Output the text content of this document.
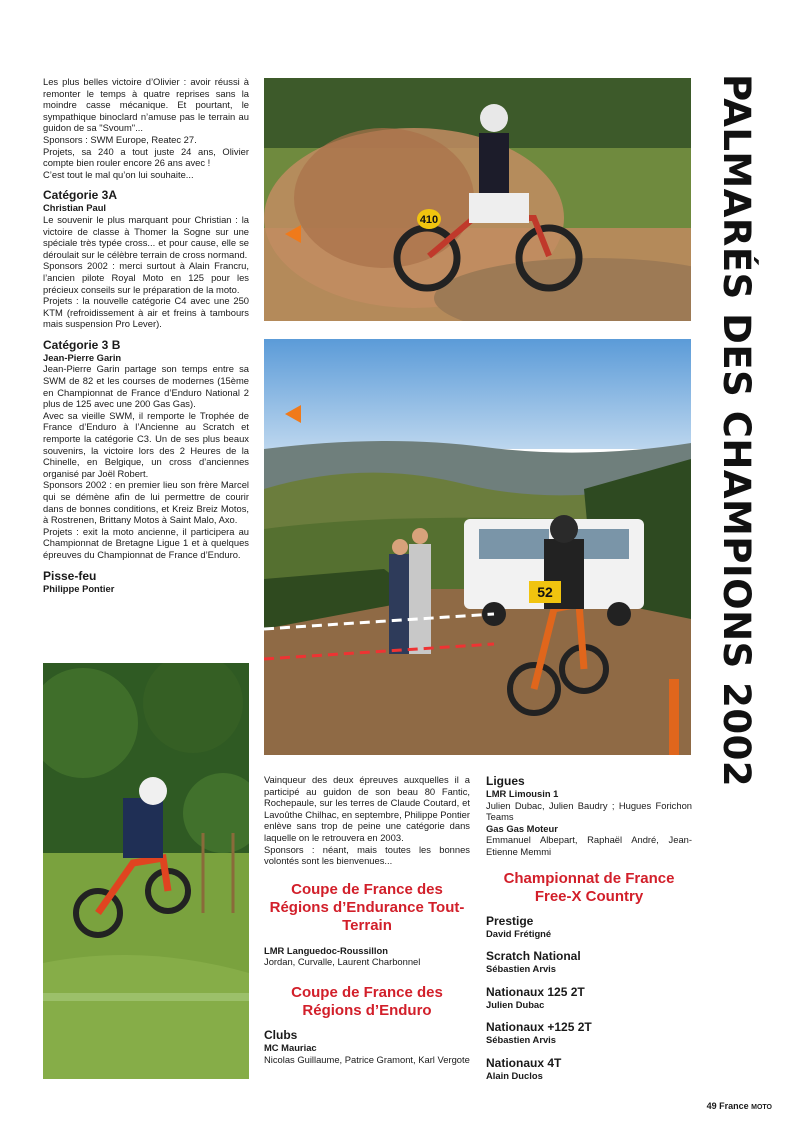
Les plus belles victoire d’Olivier : avoir réussi à remonter le temps à quatre reprises sans la moindre casse mécanique. Et pourtant, le sympathique binoclard n’amuse pas le terrain au guidon de sa "Svoum"...

Sponsors : SWM Europe, Reatec 27.

Projets, sa 240 a tout juste 24 ans, Olivier compte bien rouler encore 26 ans avec !

C’est tout le mal qu’on lui souhaite...

Catégorie 3A
Christian Paul

Le souvenir le plus marquant pour Christian : la victoire de classe à Thomer la Sogne sur une spéciale très typée cross... et pour cause, elle se déroulait sur le célèbre terrain de cross normand.

Sponsors 2002 : merci surtout à Alain Francru, l’ancien pilote Royal Moto en 125 pour les précieux conseils sur le préparation de la moto.

Projets : la nouvelle catégorie C4 avec une 250 KTM (refroidissement à air et freins à tambours mais suspension Pro Lever).

Catégorie 3 B
Jean-Pierre Garin

Jean-Pierre Garin partage son temps entre sa SWM de 82 et les courses de modernes (15ème en Championnat de France d’Enduro National 2 plus de 125 avec une 200 Gas Gas).

Avec sa vieille SWM, il remporte le Trophée de France d’Enduro à l’Ancienne au Scratch et remporte la catégorie C3. Un de ses plus beaux souvenirs, la victoire lors des 2 Heures de la Chinelle, en Belgique, un cross d’anciennes organisé par Joël Robert.

Sponsors 2002 : en premier lieu son frère Marcel qui se démène afin de lui permettre de courir dans de bonnes conditions, et Kreiz Breiz Motos, à Rostrenen, Brittany Motos à Saint Malo, Axo.

Projets : exit la moto ancienne, il participera au Championnat de Bretagne Ligue 1 et à quelques épreuves du Championnat de France d’Enduro.

Pisse-feu
Philippe Pontier
410
52

Vainqueur des deux épreuves auxquelles il a participé au guidon de son beau 80 Fantic, Rochepaule, sur les terres de Claude Coutard, et Lavoûthe Chilhac, en septembre, Philippe Pontier enlève sans trop de peine une catégorie dans laquelle on le retrouvera en 2003.

Sponsors : néant, mais toutes les bonnes volontés sont les bienvenues...

Coupe de France des Régions d’Endurance Tout-Terrain
LMR Languedoc-Roussillon

Jordan, Curvalle, Laurent Charbonnel

Coupe de France des Régions d’Enduro
Clubs
MC Mauriac

Nicolas Guillaume, Patrice Gramont, Karl Vergote

Ligues
LMR Limousin 1

Julien Dubac, Julien Baudry ; Hugues Forichon Teams

Gas Gas Moteur

Emmanuel Albepart, Raphaël André, Jean-Etienne Memmi

Championnat de France Free-X Country
Prestige
David Frétigné
Scratch National
Sébastien Arvis
Nationaux 125 2T
Julien Dubac
Nationaux +125 2T
Sébastien Arvis
Nationaux 4T
Alain Duclos
PALMARÉS DES CHAMPIONS 2002
49 France MOTO
